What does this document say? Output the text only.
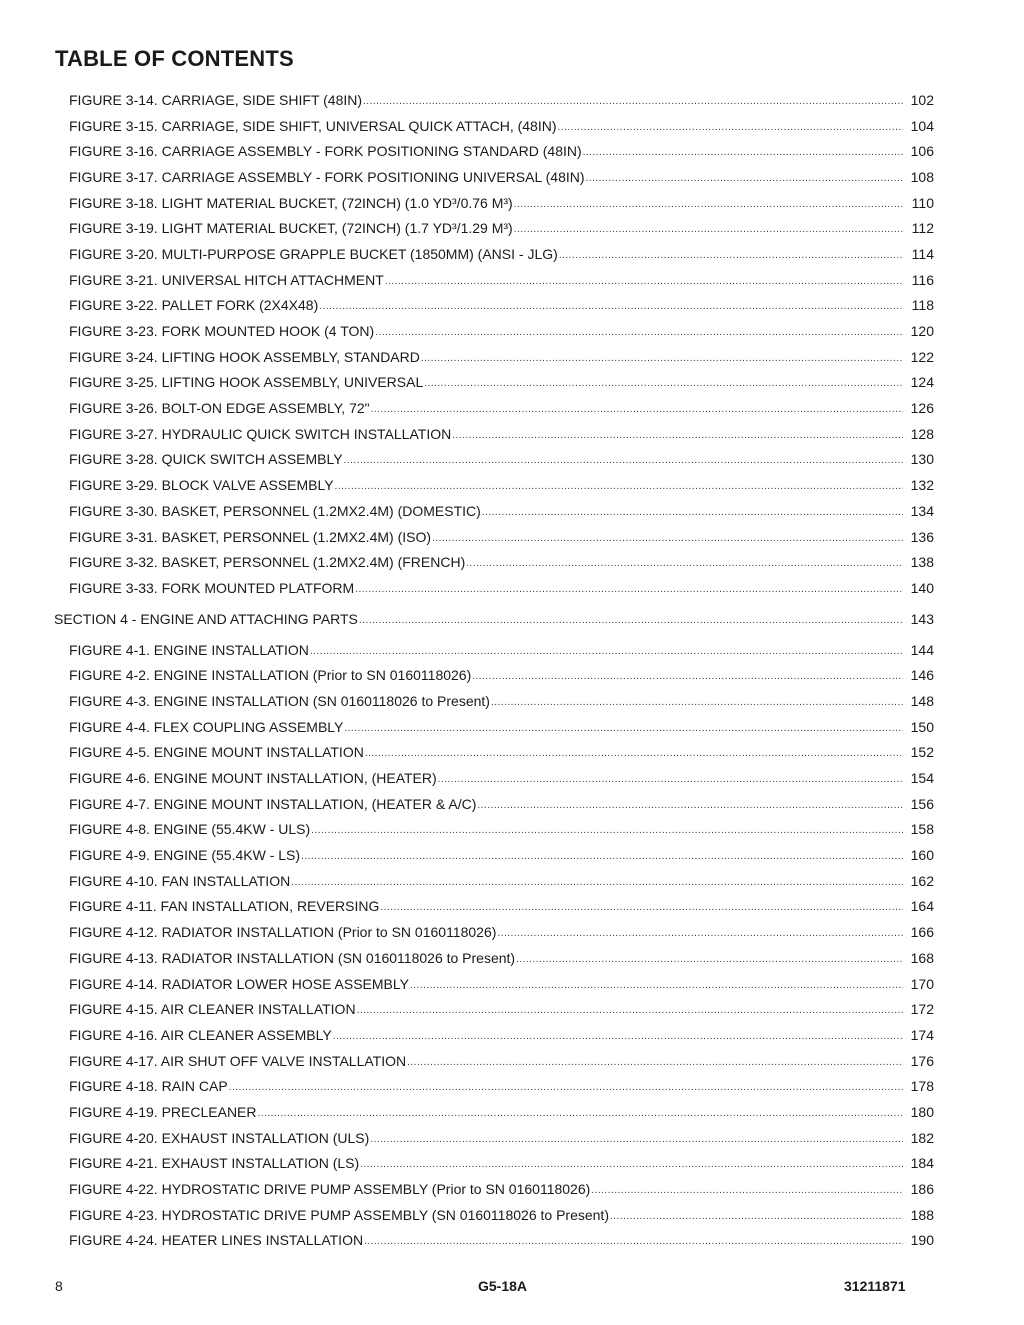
TABLE OF CONTENTS
FIGURE 3-14. CARRIAGE, SIDE SHIFT (48IN) .....	102
FIGURE 3-15. CARRIAGE, SIDE SHIFT, UNIVERSAL QUICK ATTACH, (48IN) .....	104
FIGURE 3-16. CARRIAGE ASSEMBLY - FORK POSITIONING STANDARD (48IN) .....	106
FIGURE 3-17. CARRIAGE ASSEMBLY - FORK POSITIONING UNIVERSAL (48IN) .....	108
FIGURE 3-18. LIGHT MATERIAL BUCKET, (72INCH) (1.0 YD³/0.76 M³) .....	110
FIGURE 3-19. LIGHT MATERIAL BUCKET, (72INCH) (1.7 YD³/1.29 M³) .....	112
FIGURE 3-20. MULTI-PURPOSE GRAPPLE BUCKET (1850MM) (ANSI - JLG) .....	114
FIGURE 3-21. UNIVERSAL HITCH ATTACHMENT .....	116
FIGURE 3-22. PALLET FORK (2X4X48) .....	118
FIGURE 3-23. FORK MOUNTED HOOK (4 TON) .....	120
FIGURE 3-24. LIFTING HOOK ASSEMBLY, STANDARD .....	122
FIGURE 3-25. LIFTING HOOK ASSEMBLY, UNIVERSAL .....	124
FIGURE 3-26. BOLT-ON EDGE ASSEMBLY, 72" .....	126
FIGURE 3-27. HYDRAULIC QUICK SWITCH INSTALLATION .....	128
FIGURE 3-28. QUICK SWITCH ASSEMBLY .....	130
FIGURE 3-29. BLOCK VALVE ASSEMBLY .....	132
FIGURE 3-30. BASKET, PERSONNEL (1.2MX2.4M) (DOMESTIC) .....	134
FIGURE 3-31. BASKET, PERSONNEL (1.2MX2.4M) (ISO) .....	136
FIGURE 3-32. BASKET, PERSONNEL (1.2MX2.4M) (FRENCH) .....	138
FIGURE 3-33. FORK MOUNTED PLATFORM .....	140
SECTION 4 - ENGINE AND ATTACHING PARTS .....	143
FIGURE 4-1. ENGINE INSTALLATION .....	144
FIGURE 4-2. ENGINE INSTALLATION (Prior to SN 0160118026) .....	146
FIGURE 4-3. ENGINE INSTALLATION (SN 0160118026 to Present) .....	148
FIGURE 4-4. FLEX COUPLING ASSEMBLY .....	150
FIGURE 4-5. ENGINE MOUNT INSTALLATION .....	152
FIGURE 4-6. ENGINE MOUNT INSTALLATION, (HEATER) .....	154
FIGURE 4-7. ENGINE MOUNT INSTALLATION, (HEATER & A/C) .....	156
FIGURE 4-8. ENGINE (55.4KW - ULS) .....	158
FIGURE 4-9. ENGINE (55.4KW - LS) .....	160
FIGURE 4-10. FAN INSTALLATION .....	162
FIGURE 4-11. FAN INSTALLATION, REVERSING .....	164
FIGURE 4-12. RADIATOR INSTALLATION (Prior to SN 0160118026) .....	166
FIGURE 4-13. RADIATOR INSTALLATION (SN 0160118026 to Present) .....	168
FIGURE 4-14. RADIATOR LOWER HOSE ASSEMBLY .....	170
FIGURE 4-15. AIR CLEANER INSTALLATION .....	172
FIGURE 4-16. AIR CLEANER ASSEMBLY .....	174
FIGURE 4-17. AIR SHUT OFF VALVE INSTALLATION .....	176
FIGURE 4-18. RAIN CAP .....	178
FIGURE 4-19. PRECLEANER .....	180
FIGURE 4-20. EXHAUST INSTALLATION (ULS) .....	182
FIGURE 4-21. EXHAUST INSTALLATION (LS) .....	184
FIGURE 4-22. HYDROSTATIC DRIVE PUMP ASSEMBLY (Prior to SN 0160118026) .....	186
FIGURE 4-23. HYDROSTATIC DRIVE PUMP ASSEMBLY (SN 0160118026 to Present) .....	188
FIGURE 4-24. HEATER LINES INSTALLATION .....	190
8	G5-18A	31211871
